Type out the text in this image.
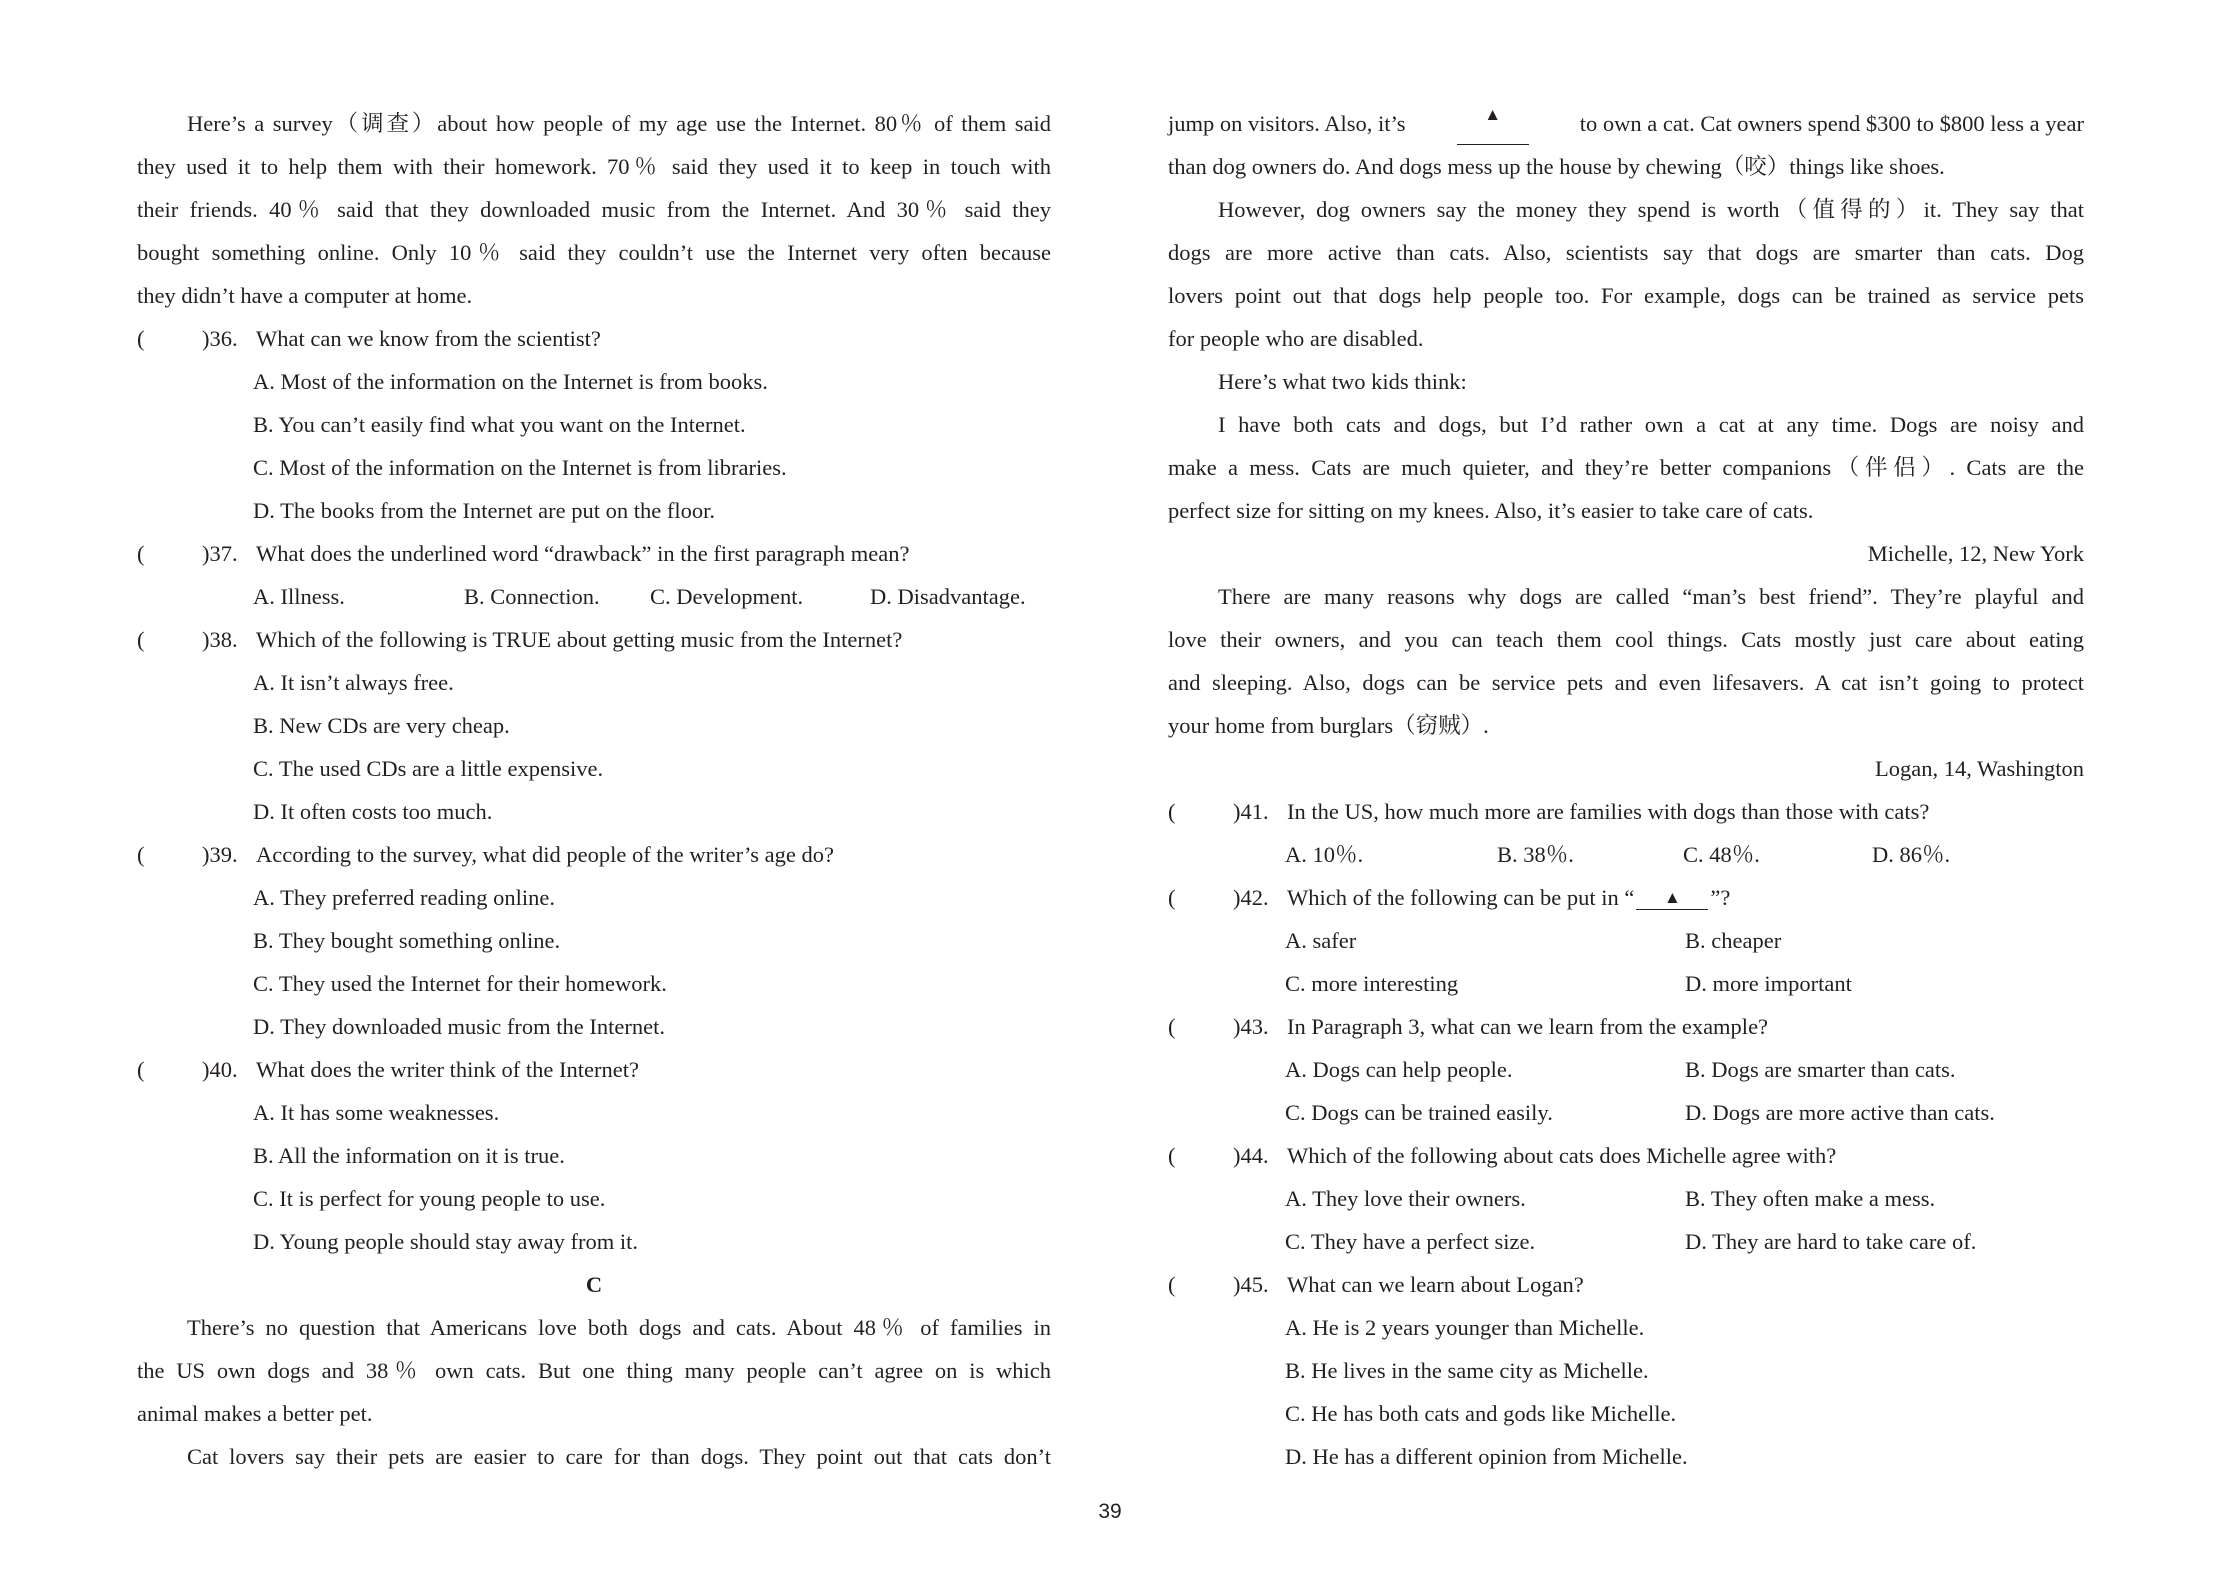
Here’s a survey（调查）about how people of my age use the Internet. 80％ of them said
they used it to help them with their homework. 70％ said they used it to keep in touch with
their friends. 40％ said that they downloaded music from the Internet. And 30％ said they
bought something online. Only 10％ said they couldn’t use the Internet very often because
they didn’t have a computer at home.
(	)36. What can we know from the scientist?
A. Most of the information on the Internet is from books.
B. You can’t easily find what you want on the Internet.
C. Most of the information on the Internet is from libraries.
D. The books from the Internet are put on the floor.
(	)37. What does the underlined word “drawback” in the first paragraph mean?
A. Illness.	B. Connection. C. Development.	D. Disadvantage.
(	)38. Which of the following is TRUE about getting music from the Internet?
A. It isn’t always free.
B. New CDs are very cheap.
C. The used CDs are a little expensive.
D. It often costs too much.
(	)39. According to the survey, what did people of the writer’s age do?
A. They preferred reading online.
B. They bought something online.
C. They used the Internet for their homework.
D. They downloaded music from the Internet.
(	)40. What does the writer think of the Internet?
A. It has some weaknesses.
B. All the information on it is true.
C. It is perfect for young people to use.
D. Young people should stay away from it.
C
There’s no question that Americans love both dogs and cats. About 48％ of families in
the US own dogs and 38％ own cats. But one thing many people can’t agree on is which
animal makes a better pet.
Cat lovers say their pets are easier to care for than dogs. They point out that cats don’t
jump on visitors. Also, it’s	▲	to own a cat. Cat owners spend $300 to $800 less a year
than dog owners do. And dogs mess up the house by chewing（咬）things like shoes.
However, dog owners say the money they spend is worth（值得的）it. They say that
dogs are more active than cats. Also, scientists say that dogs are smarter than cats. Dog
lovers point out that dogs help people too. For example, dogs can be trained as service pets
for people who are disabled.
Here’s what two kids think:
I have both cats and dogs, but I’d rather own a cat at any time. Dogs are noisy and
make a mess. Cats are much quieter, and they’re better companions（伴侣）. Cats are the
perfect size for sitting on my knees. Also, it’s easier to take care of cats.
Michelle, 12, New York
There are many reasons why dogs are called “man’s best friend”. They’re playful and
love their owners, and you can teach them cool things. Cats mostly just care about eating
and sleeping. Also, dogs can be service pets and even lifesavers. A cat isn’t going to protect
your home from burglars（窃贼）.
Logan, 14, Washington
(	)41. In the US, how much more are families with dogs than those with cats?
A. 10％.	B. 38％.	C. 48％.	D. 86％.
(	)42. Which of the following can be put in “ ▲ ”?
A. safer	B. cheaper
C. more interesting	D. more important
(	)43. In Paragraph 3, what can we learn from the example?
A. Dogs can help people.	B. Dogs are smarter than cats.
C. Dogs can be trained easily.	D. Dogs are more active than cats.
(	)44. Which of the following about cats does Michelle agree with?
A. They love their owners.	B. They often make a mess.
C. They have a perfect size.	D. They are hard to take care of.
(	)45. What can we learn about Logan?
A. He is 2 years younger than Michelle.
B. He lives in the same city as Michelle.
C. He has both cats and gods like Michelle.
D. He has a different opinion from Michelle.
39
